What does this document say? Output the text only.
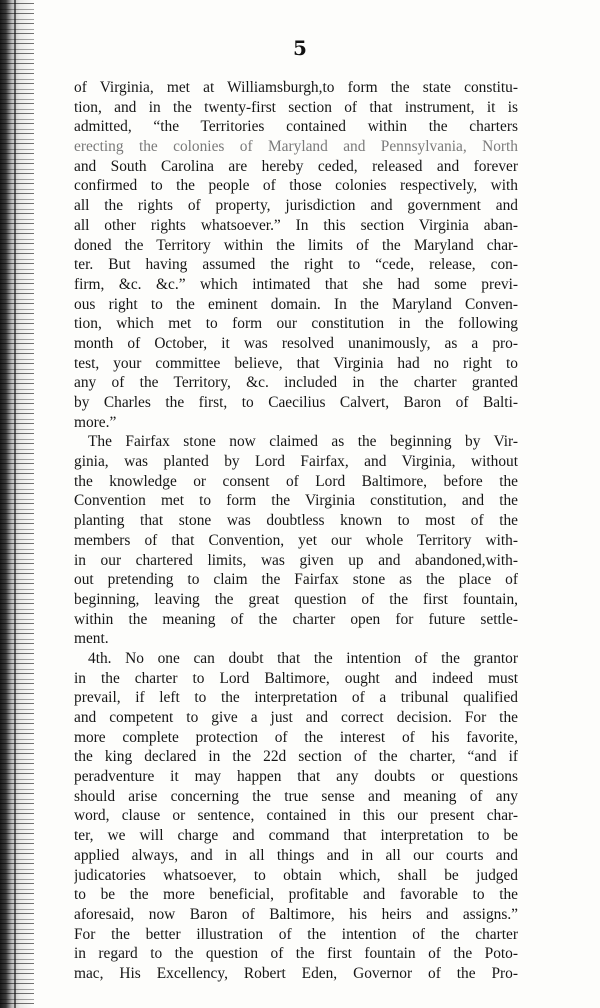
5
of Virginia, met at Williamsburgh,to form the state constitu-
tion, and in the twenty-first section of that instrument, it is
admitted, “the Territories contained within the charters
erecting the colonies of Maryland and Pennsylvania, North
and South Carolina are hereby ceded, released and forever
confirmed to the people of those colonies respectively, with
all the rights of property, jurisdiction and government and
all other rights whatsoever.” In this section Virginia aban-
doned the Territory within the limits of the Maryland char-
ter. But having assumed the right to “cede, release, con-
firm, &c. &c.” which intimated that she had some previ-
ous right to the eminent domain. In the Maryland Conven-
tion, which met to form our constitution in the following
month of October, it was resolved unanimously, as a pro-
test, your committee believe, that Virginia had no right to
any of the Territory, &c. included in the charter granted
by Charles the first, to Caecilius Calvert, Baron of Balti-
more.”
The Fairfax stone now claimed as the beginning by Vir-
ginia, was planted by Lord Fairfax, and Virginia, without
the knowledge or consent of Lord Baltimore, before the
Convention met to form the Virginia constitution, and the
planting that stone was doubtless known to most of the
members of that Convention, yet our whole Territory with-
in our chartered limits, was given up and abandoned,with-
out pretending to claim the Fairfax stone as the place of
beginning, leaving the great question of the first fountain,
within the meaning of the charter open for future settle-
ment.
4th. No one can doubt that the intention of the grantor
in the charter to Lord Baltimore, ought and indeed must
prevail, if left to the interpretation of a tribunal qualified
and competent to give a just and correct decision. For the
more complete protection of the interest of his favorite,
the king declared in the 22d section of the charter, “and if
peradventure it may happen that any doubts or questions
should arise concerning the true sense and meaning of any
word, clause or sentence, contained in this our present char-
ter, we will charge and command that interpretation to be
applied always, and in all things and in all our courts and
judicatories whatsoever, to obtain which, shall be judged
to be the more beneficial, profitable and favorable to the
aforesaid, now Baron of Baltimore, his heirs and assigns.”
For the better illustration of the intention of the charter
in regard to the question of the first fountain of the Poto-
mac, His Excellency, Robert Eden, Governor of the Pro-
